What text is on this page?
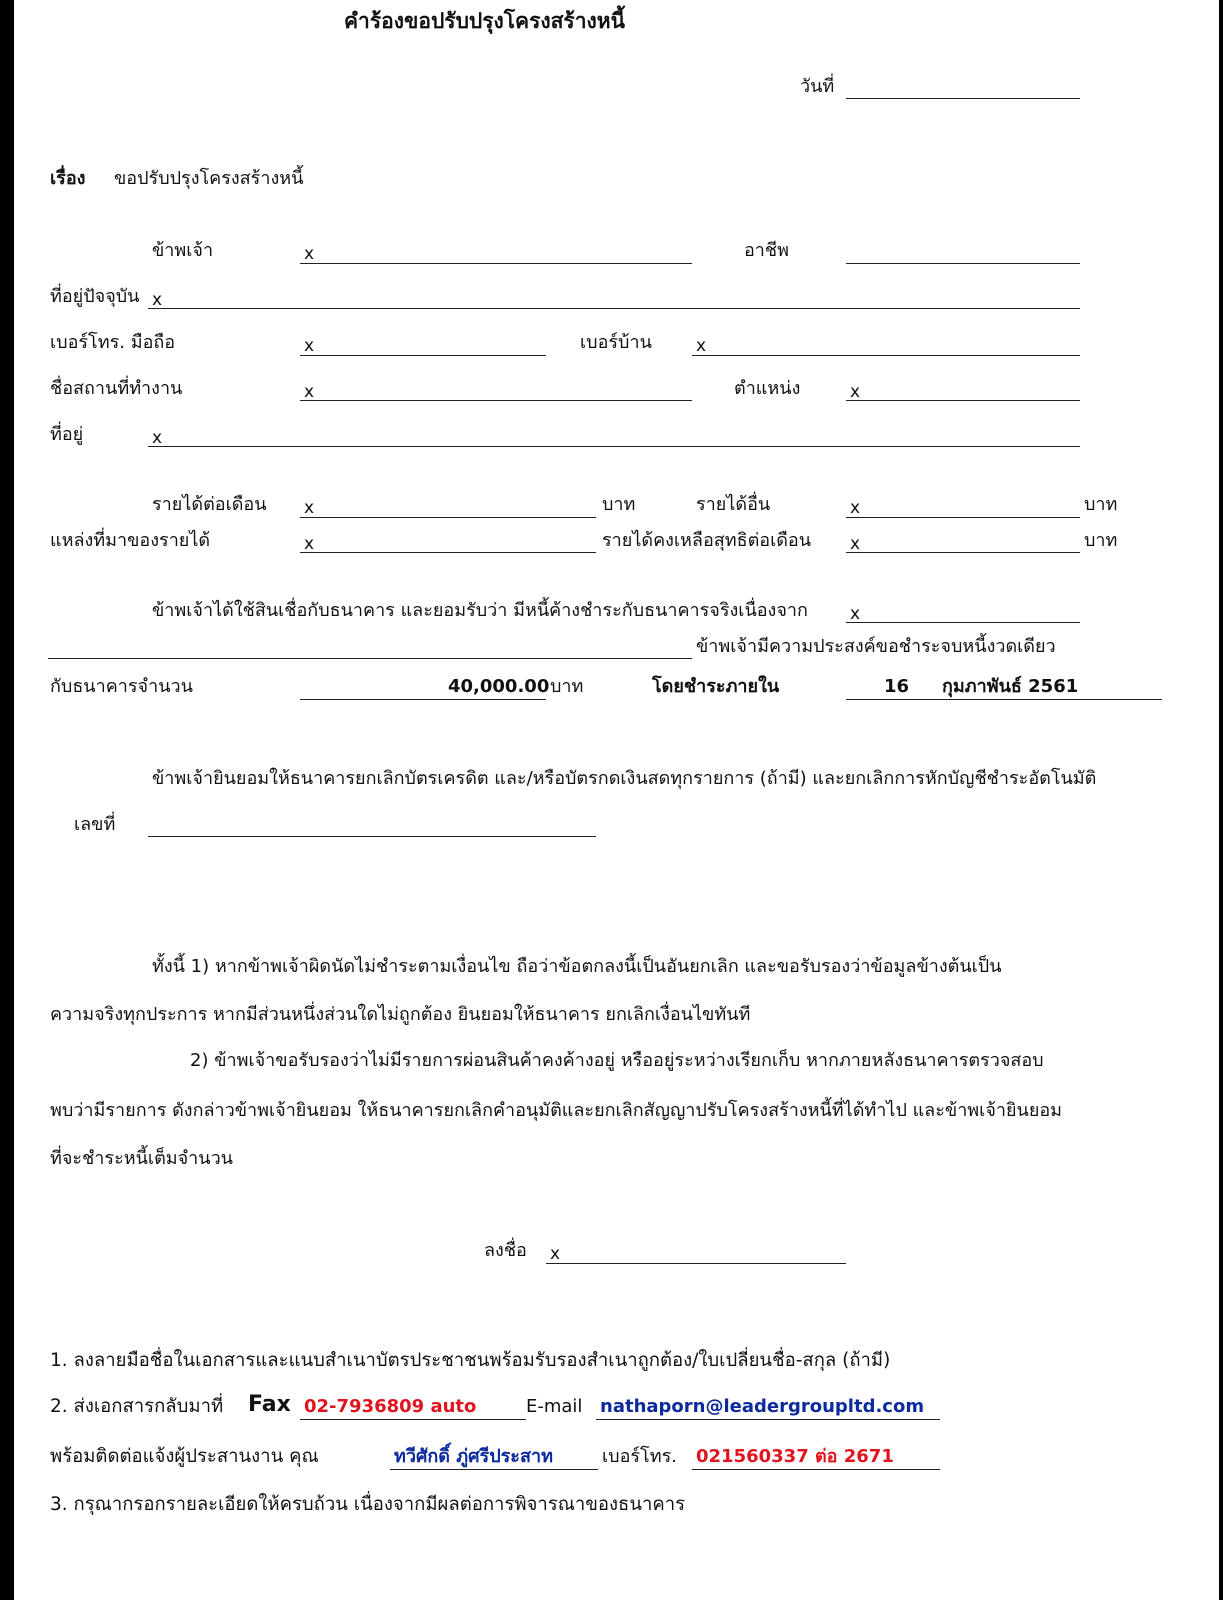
คำร้องขอปรับปรุงโครงสร้างหนี้
วันที่
เรื่อง ขอปรับปรุงโครงสร้างหนี้
ข้าพเจ้า	x	อาชีพ
ที่อยู่ปัจจุบัน x
เบอร์โทร. มือถือ	x	เบอร์บ้าน	x
ชื่อสถานที่ทำงาน	x	ตำแหน่ง	x
ที่อยู่	x
รายได้ต่อเดือน x	บาท	รายได้อื่น	x	บาท
แหล่งที่มาของรายได้	x	รายได้คงเหลือสุทธิต่อเดือน x	บาท
ข้าพเจ้าได้ใช้สินเชื่อกับธนาคาร และยอมรับว่า มีหนี้ค้างชำระกับธนาคารจริงเนื่องจาก x
ข้าพเจ้ามีความประสงค์ขอชำระจบหนี้งวดเดียว
กับธนาคารจำนวน	40,000.00 บาท	โดยชำระภายใน	16 กุมภาพันธ์ 2561
ข้าพเจ้ายินยอมให้ธนาคารยกเลิกบัตรเครดิต และ/หรือบัตรกดเงินสดทุกรายการ (ถ้ามี) และยกเลิกการหักบัญชีชำระอัตโนมัติ
เลขที่
ทั้งนี้ 1) หากข้าพเจ้าผิดนัดไม่ชำระตามเงื่อนไข ถือว่าข้อตกลงนี้เป็นอันยกเลิก และขอรับรองว่าข้อมูลข้างต้นเป็น
ความจริงทุกประการ หากมีส่วนหนึ่งส่วนใดไม่ถูกต้อง ยินยอมให้ธนาคาร ยกเลิกเงื่อนไขทันที
2) ข้าพเจ้าขอรับรองว่าไม่มีรายการผ่อนสินค้าคงค้างอยู่ หรืออยู่ระหว่างเรียกเก็บ หากภายหลังธนาคารตรวจสอบ
พบว่ามีรายการ ดังกล่าวข้าพเจ้ายินยอม ให้ธนาคารยกเลิกคำอนุมัติและยกเลิกสัญญาปรับโครงสร้างหนี้ที่ได้ทำไป และข้าพเจ้ายินยอม
ที่จะชำระหนี้เต็มจำนวน
ลงชื่อ x
1. ลงลายมือชื่อในเอกสารและแนบสำเนาบัตรประชาชนพร้อมรับรองสำเนาถูกต้อง/ใบเปลี่ยนชื่อ-สกุล (ถ้ามี)
2. ส่งเอกสารกลับมาที่ Fax 02-7936809 auto	E-mail nathaporn@leadergroupltd.com
พร้อมติดต่อแจ้งผู้ประสานงาน คุณ	ทวีศักดิ์ ภู่ศรีประสาท	เบอร์โทร. 021560337 ต่อ 2671
3. กรุณากรอกรายละเอียดให้ครบถ้วน เนื่องจากมีผลต่อการพิจารณาของธนาคาร
